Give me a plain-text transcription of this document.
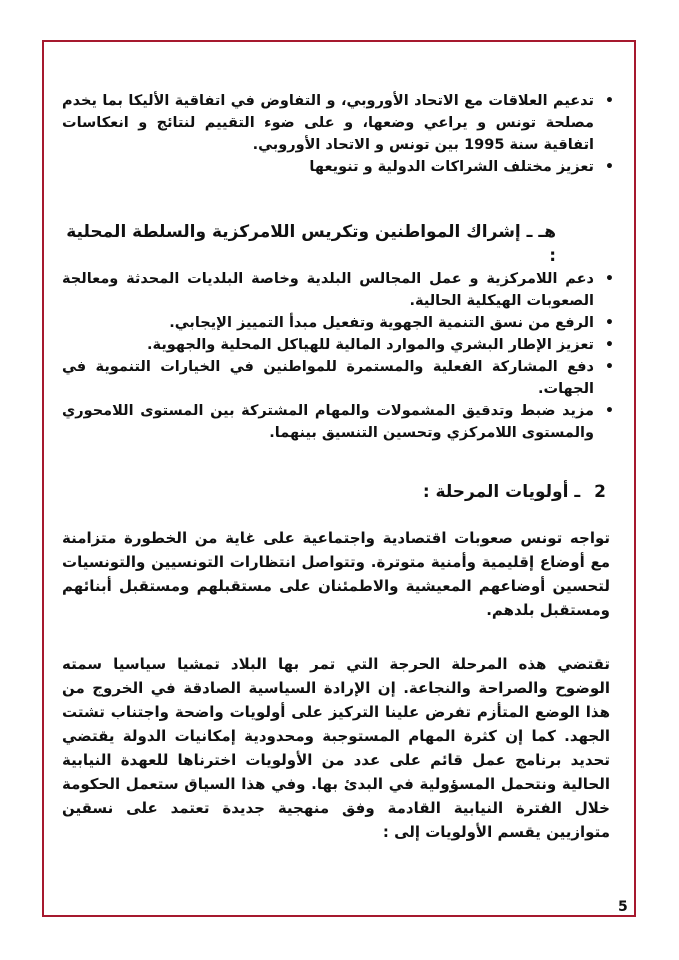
•
تدعيم العلاقات مع الاتحاد الأوروبي، و التفاوض في اتفاقية الأليكا بما يخدم مصلحة تونس و يراعي وضعها، و على ضوء التقييم لنتائج و انعكاسات اتفاقية سنة 1995 بين تونس و الاتحاد الأوروبي.
•
تعزيز مختلف الشراكات الدولية و تنويعها
هـ ـ إشراك المواطنين وتكريس اللامركزية والسلطة المحلية :
•
دعم اللامركزية و عمل المجالس البلدية وخاصة البلديات المحدثة ومعالجة الصعوبات الهيكلية الحالية.
•
الرفع من نسق التنمية الجهوية وتفعيل مبدأ التمييز الإيجابي.
•
تعزيز الإطار البشري والموارد المالية للهياكل المحلية والجهوية.
•
دفع المشاركة الفعلية والمستمرة للمواطنين في الخيارات التنموية في الجهات.
•
مزيد ضبط وتدقيق المشمولات والمهام المشتركة بين المستوى اللامحوري والمستوى اللامركزي وتحسين التنسيق بينهما.
2
ـ أولويات المرحلة :

تواجه تونس صعوبات اقتصادية واجتماعية على غاية من الخطورة متزامنة مع أوضاع إقليمية وأمنية متوترة. وتتواصل انتظارات التونسيين والتونسيات لتحسين أوضاعهم المعيشية والاطمئنان على مستقبلهم ومستقبل أبنائهم ومستقبل بلدهم.

تقتضي هذه المرحلة الحرجة التي تمر بها البلاد تمشيا سياسيا سمته الوضوح والصراحة والنجاعة. إن الإرادة السياسية الصادقة في الخروج من هذا الوضع المتأزم تفرض علينا التركيز على أولويات واضحة واجتناب تشتت الجهد. كما إن كثرة المهام المستوجبة ومحدودية إمكانيات الدولة يقتضي تحديد برنامج عمل قائم على عدد من الأولويات اخترناها للعهدة النيابية الحالية ونتحمل المسؤولية في البدئ بها. وفي هذا السياق ستعمل الحكومة خلال الفترة النيابية القادمة وفق منهجية جديدة تعتمد على نسقين متوازيين يقسم الأولويات إلى :

5
